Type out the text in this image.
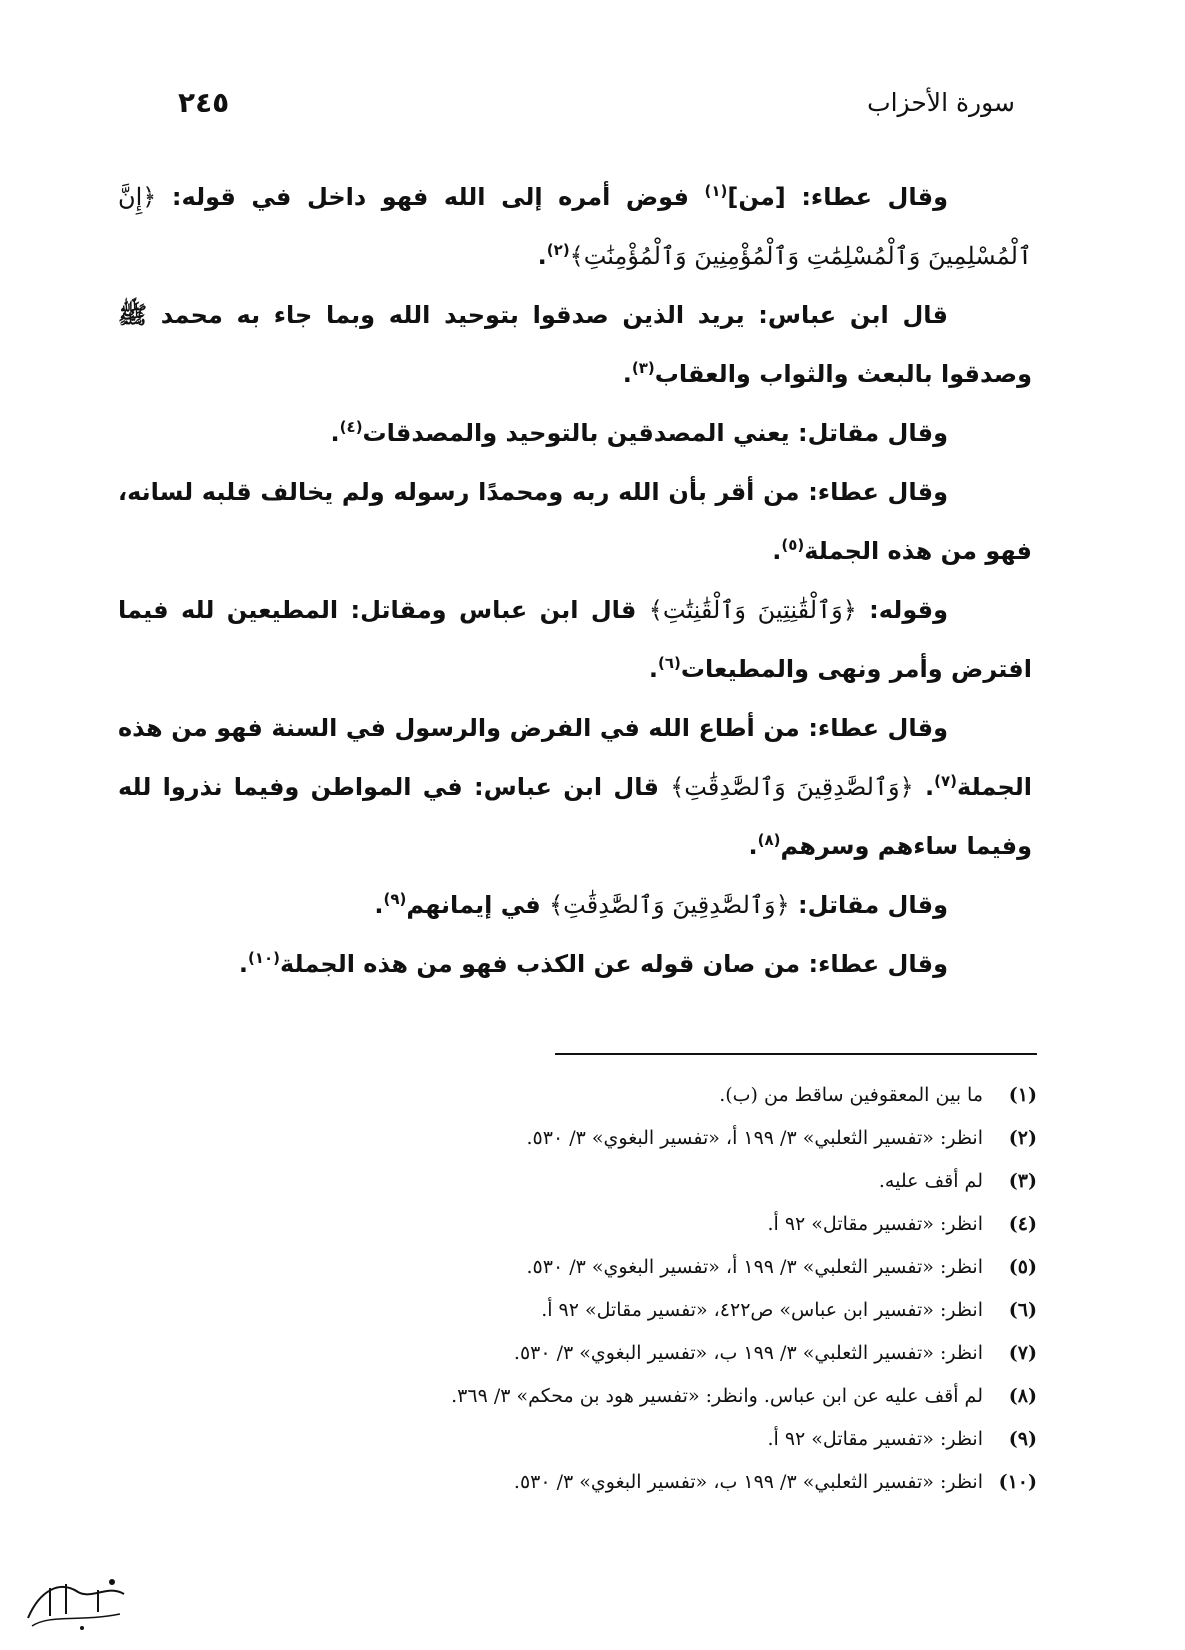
سورة الأحزاب
٢٤٥

وقال عطاء: [من]$^{(١)}$ فوض أمره إلى الله فهو داخل في قوله: ﴿إِنَّ ٱلْمُسْلِمِينَ وَٱلْمُسْلِمَٰتِ وَٱلْمُؤْمِنِينَ وَٱلْمُؤْمِنَٰتِ﴾$^{(٢)}$.

قال ابن عباس: يريد الذين صدقوا بتوحيد الله وبما جاء به محمد ﷺ وصدقوا بالبعث والثواب والعقاب$^{(٣)}$.

وقال مقاتل: يعني المصدقين بالتوحيد والمصدقات$^{(٤)}$.

وقال عطاء: من أقر بأن الله ربه ومحمدًا رسوله ولم يخالف قلبه لسانه، فهو من هذه الجملة$^{(٥)}$.

وقوله: ﴿وَٱلْقَٰنِتِينَ وَٱلْقَٰنِتَٰتِ﴾ قال ابن عباس ومقاتل: المطيعين لله فيما افترض وأمر ونهى والمطيعات$^{(٦)}$.

وقال عطاء: من أطاع الله في الفرض والرسول في السنة فهو من هذه الجملة$^{(٧)}$. ﴿وَٱلصَّٰدِقِينَ وَٱلصَّٰدِقَٰتِ﴾ قال ابن عباس: في المواطن وفيما نذروا لله وفيما ساءهم وسرهم$^{(٨)}$.

وقال مقاتل: ﴿وَٱلصَّٰدِقِينَ وَٱلصَّٰدِقَٰتِ﴾ في إيمانهم$^{(٩)}$.

وقال عطاء: من صان قوله عن الكذب فهو من هذه الجملة$^{(١٠)}$.

(١)ما بين المعقوفين ساقط من (ب).
(٢)انظر: «تفسير الثعلبي» ٣/ ١٩٩ أ، «تفسير البغوي» ٣/ ٥٣٠.
(٣)لم أقف عليه.
(٤)انظر: «تفسير مقاتل» ٩٢ أ.
(٥)انظر: «تفسير الثعلبي» ٣/ ١٩٩ أ، «تفسير البغوي» ٣/ ٥٣٠.
(٦)انظر: «تفسير ابن عباس» ص٤٢٢، «تفسير مقاتل» ٩٢ أ.
(٧)انظر: «تفسير الثعلبي» ٣/ ١٩٩ ب، «تفسير البغوي» ٣/ ٥٣٠.
(٨)لم أقف عليه عن ابن عباس. وانظر: «تفسير هود بن محكم» ٣/ ٣٦٩.
(٩)انظر: «تفسير مقاتل» ٩٢ أ.
(١٠)انظر: «تفسير الثعلبي» ٣/ ١٩٩ ب، «تفسير البغوي» ٣/ ٥٣٠.
